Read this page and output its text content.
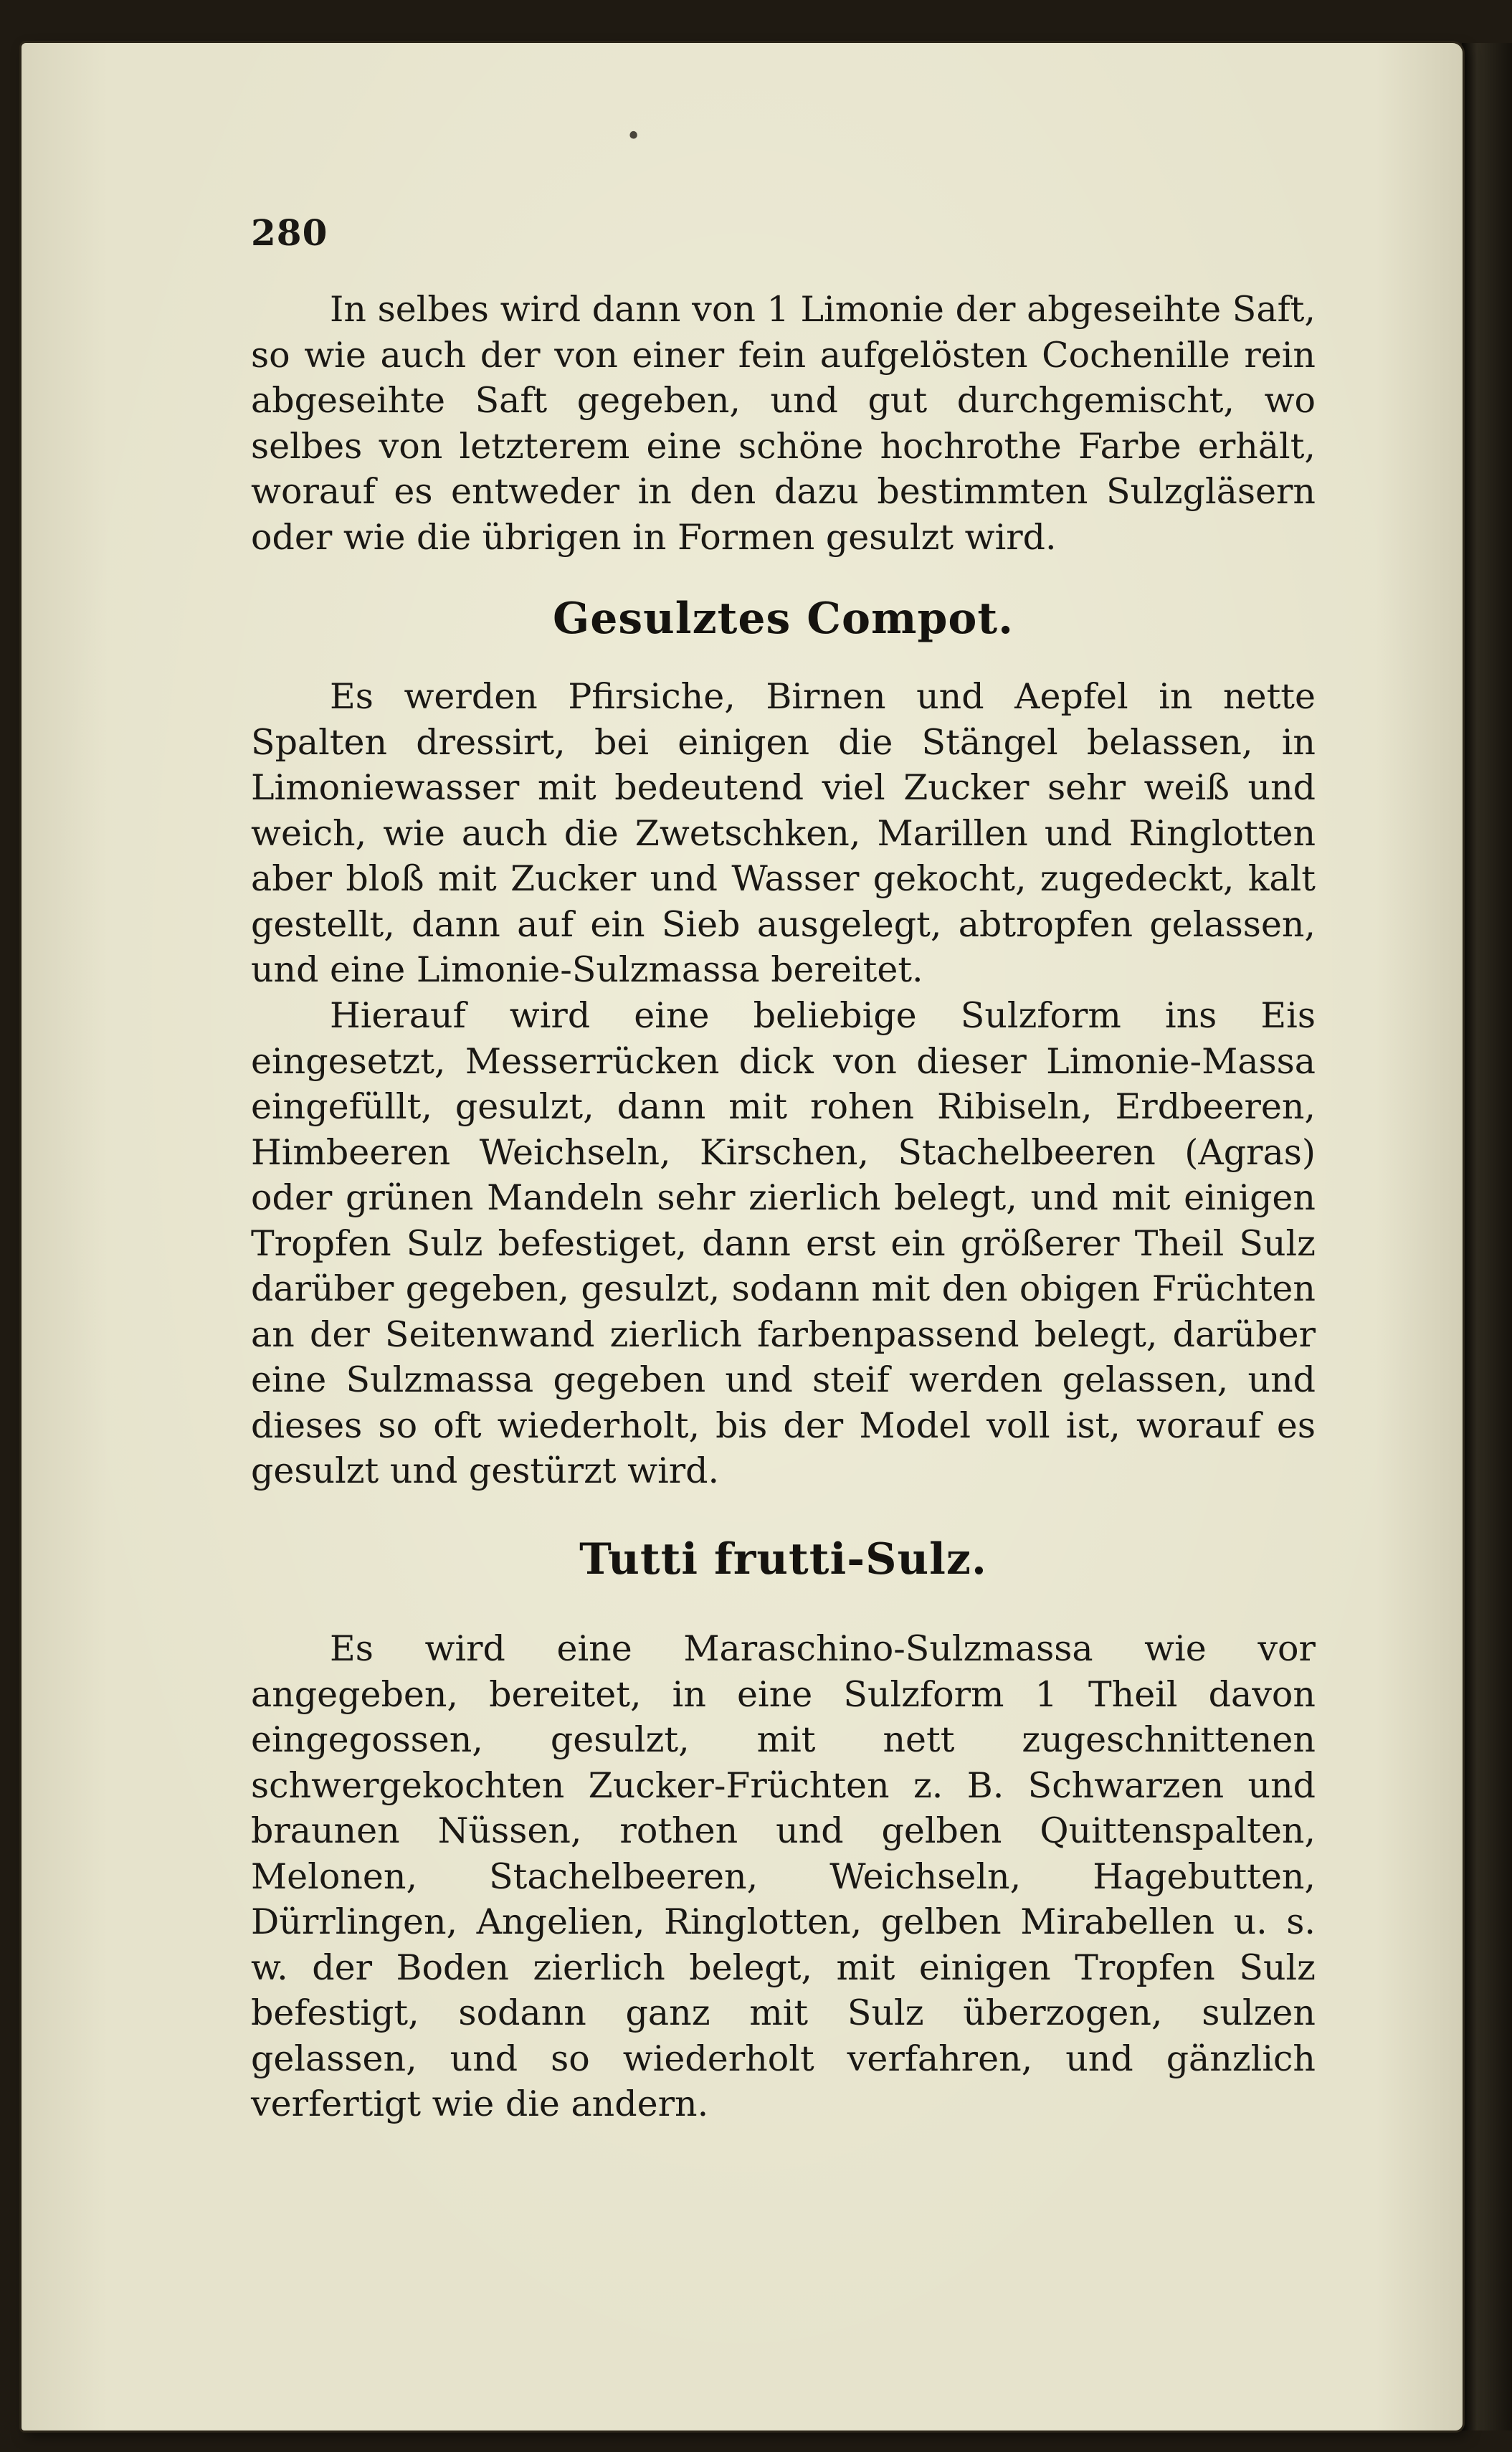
•
280

In selbes wird dann von 1 Limonie der abgeseihte Saft, so wie auch der von einer fein aufgelösten Cochenille rein abgeseihte Saft gegeben, und gut durchgemischt, wo selbes von letzterem eine schöne hochrothe Farbe erhält, worauf es entweder in den dazu bestimmten Sulzgläsern oder wie die übrigen in Formen gesulzt wird.

Gesulztes Compot.

Es werden Pfirsiche, Birnen und Aepfel in nette Spalten dressirt, bei einigen die Stängel belassen, in Limoniewasser mit bedeutend viel Zucker sehr weiß und weich, wie auch die Zwetschken, Marillen und Ringlotten aber bloß mit Zucker und Wasser gekocht, zugedeckt, kalt gestellt, dann auf ein Sieb ausgelegt, abtropfen gelassen, und eine Limonie-Sulzmassa bereitet.

Hierauf wird eine beliebige Sulzform ins Eis eingesetzt, Messerrücken dick von dieser Limonie-Massa eingefüllt, gesulzt, dann mit rohen Ribiseln, Erdbeeren, Himbeeren Weichseln, Kirschen, Stachelbeeren (Agras) oder grünen Mandeln sehr zierlich belegt, und mit einigen Tropfen Sulz befestiget, dann erst ein größerer Theil Sulz darüber gegeben, gesulzt, sodann mit den obigen Früchten an der Seitenwand zierlich farbenpassend belegt, darüber eine Sulzmassa gegeben und steif werden gelassen, und dieses so oft wiederholt, bis der Model voll ist, worauf es gesulzt und gestürzt wird.

Tutti frutti-Sulz.

Es wird eine Maraschino-Sulzmassa wie vor angegeben, bereitet, in eine Sulzform 1 Theil davon eingegossen, gesulzt, mit nett zugeschnittenen schwergekochten Zucker-Früchten z. B. Schwarzen und braunen Nüssen, rothen und gelben Quittenspalten, Melonen, Stachelbeeren, Weichseln, Hagebutten, Dürrlingen, Angelien, Ringlotten, gelben Mirabellen u. s. w. der Boden zierlich belegt, mit einigen Tropfen Sulz befestigt, sodann ganz mit Sulz überzogen, sulzen gelassen, und so wiederholt verfahren, und gänzlich verfertigt wie die andern.
